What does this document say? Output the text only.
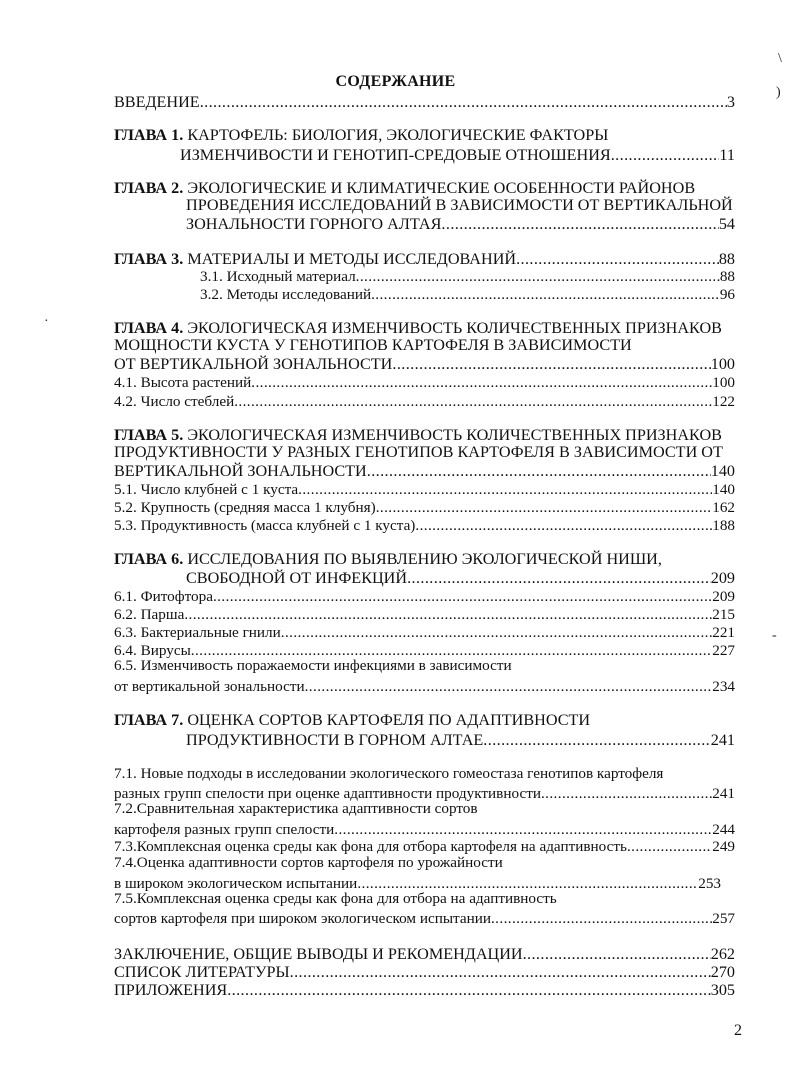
СОДЕРЖАНИЕ
ВВЕДЕНИЕ .....	3
ГЛАВА 1. КАРТОФЕЛЬ: БИОЛОГИЯ, ЭКОЛОГИЧЕСКИЕ ФАКТОРЫ
ИЗМЕНЧИВОСТИ И ГЕНОТИП-СРЕДОВЫЕ ОТНОШЕНИЯ .....	11
ГЛАВА 2. ЭКОЛОГИЧЕСКИЕ И КЛИМАТИЧЕСКИЕ ОСОБЕННОСТИ РАЙОНОВ
ПРОВЕДЕНИЯ ИССЛЕДОВАНИЙ В ЗАВИСИМОСТИ ОТ ВЕРТИКАЛЬНОЙ
ЗОНАЛЬНОСТИ ГОРНОГО АЛТАЯ .....	54
ГЛАВА 3. МАТЕРИАЛЫ И МЕТОДЫ ИССЛЕДОВАНИЙ .....	88
3.1. Исходный материал .....	88
3.2. Методы исследований .....	96
ГЛАВА 4. ЭКОЛОГИЧЕСКАЯ ИЗМЕНЧИВОСТЬ КОЛИЧЕСТВЕННЫХ ПРИЗНАКОВ
МОЩНОСТИ КУСТА У ГЕНОТИПОВ КАРТОФЕЛЯ В ЗАВИСИМОСТИ
ОТ ВЕРТИКАЛЬНОЙ ЗОНАЛЬНОСТИ .....	100
4.1. Высота растений .....	100
4.2. Число стеблей .....	122
ГЛАВА 5. ЭКОЛОГИЧЕСКАЯ ИЗМЕНЧИВОСТЬ КОЛИЧЕСТВЕННЫХ ПРИЗНАКОВ
ПРОДУКТИВНОСТИ У РАЗНЫХ ГЕНОТИПОВ КАРТОФЕЛЯ В ЗАВИСИМОСТИ ОТ
ВЕРТИКАЛЬНОЙ ЗОНАЛЬНОСТИ .....	140
5.1. Число клубней с 1 куста .....	140
5.2. Крупность (средняя масса 1 клубня) .....	162
5.3. Продуктивность (масса клубней с 1 куста) .....	188
ГЛАВА 6. ИССЛЕДОВАНИЯ ПО ВЫЯВЛЕНИЮ ЭКОЛОГИЧЕСКОЙ НИШИ,
СВОБОДНОЙ ОТ ИНФЕКЦИЙ .....	209
6.1. Фитофтора .....	209
6.2. Парша .....	215
6.3. Бактериальные гнили .....	221
6.4. Вирусы .....	227
6.5. Изменчивость поражаемости инфекциями в зависимости
от вертикальной зональности .....	234
ГЛАВА 7. ОЦЕНКА СОРТОВ КАРТОФЕЛЯ ПО АДАПТИВНОСТИ
ПРОДУКТИВНОСТИ В ГОРНОМ АЛТАЕ .....	241
7.1. Новые подходы в исследовании экологического гомеостаза генотипов картофеля
разных групп спелости при оценке адаптивности продуктивности .....	241
7.2.Сравнительная характеристика адаптивности сортов
картофеля разных групп спелости .....	244
7.3.Комплексная оценка среды как фона для отбора картофеля на адаптивность .....	249
7.4.Оценка адаптивности сортов картофеля по урожайности
в широком экологическом испытании .....	253
7.5.Комплексная оценка среды как фона для отбора на адаптивность
сортов картофеля при широком экологическом испытании .....	257
ЗАКЛЮЧЕНИЕ, ОБЩИЕ ВЫВОДЫ И РЕКОМЕНДАЦИИ .....	262
СПИСОК ЛИТЕРАТУРЫ .....	270
ПРИЛОЖЕНИЯ .....	305
2
\
)
-
·
